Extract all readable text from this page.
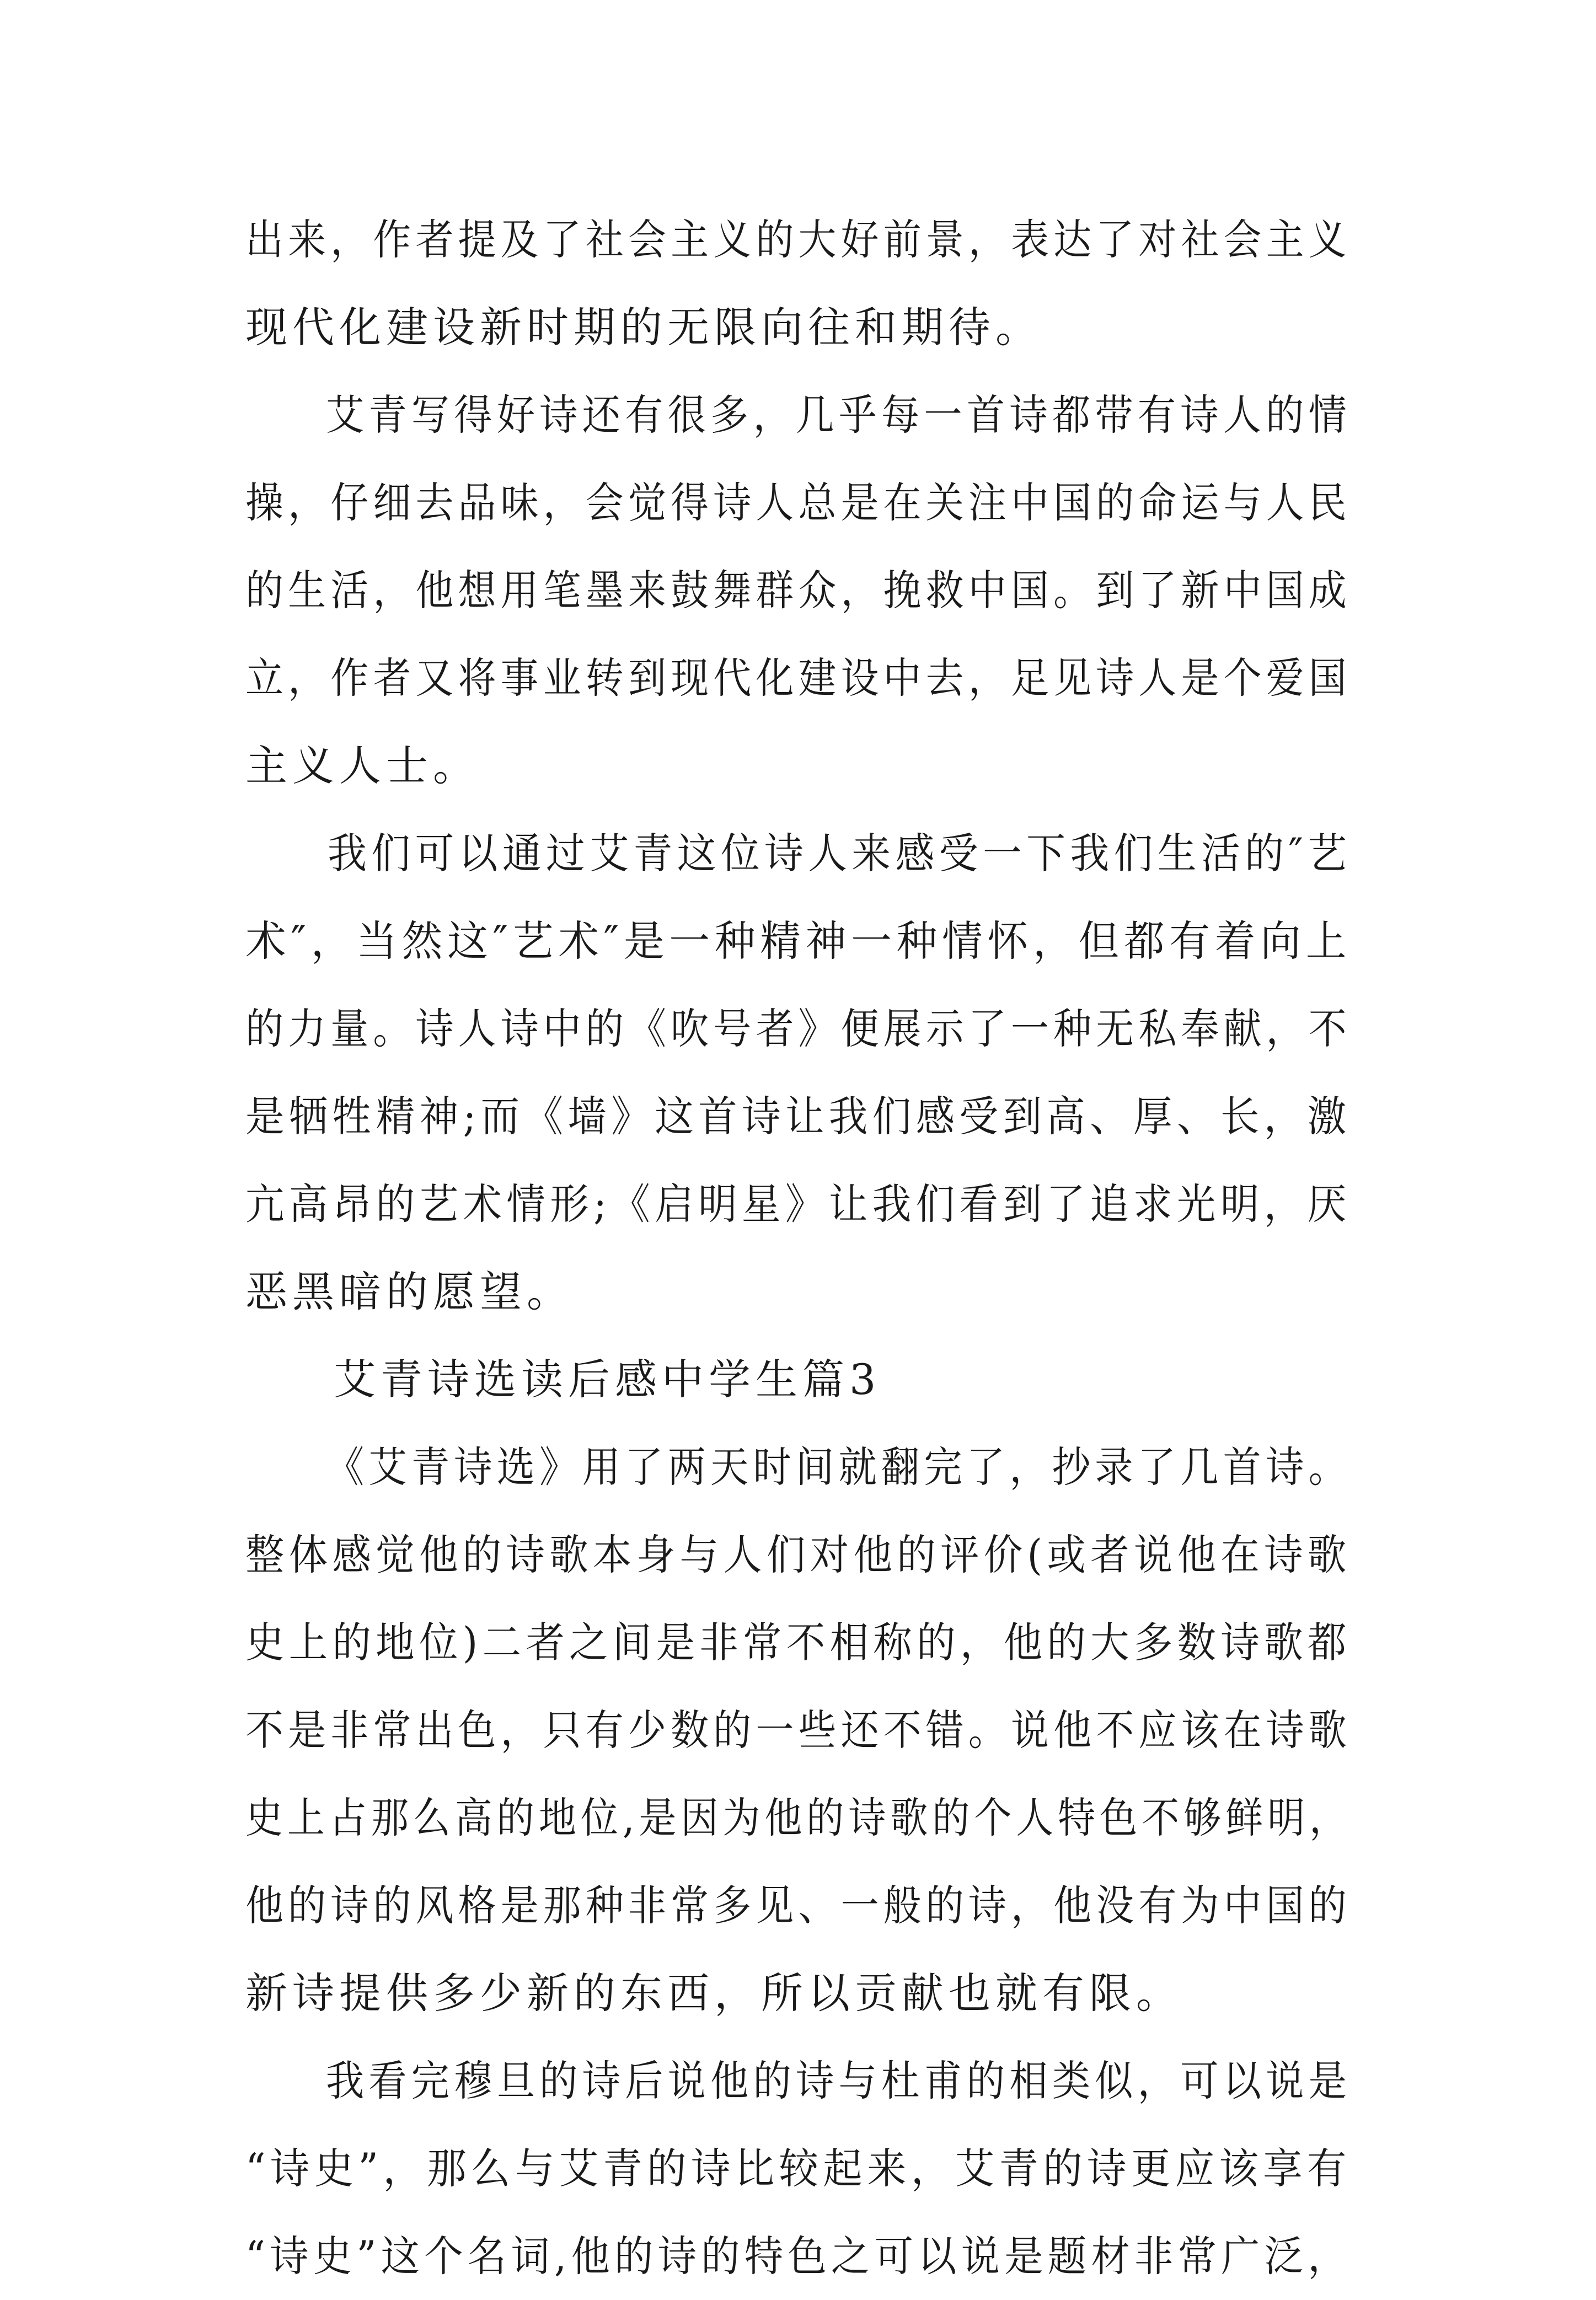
出来，作者提及了社会主义的大好前景，表达了对社会主义
现代化建设新时期的无限向往和期待。
艾青写得好诗还有很多，几乎每一首诗都带有诗人的情
操，仔细去品味，会觉得诗人总是在关注中国的命运与人民
的生活，他想用笔墨来鼓舞群众，挽救中国。到了新中国成
立，作者又将事业转到现代化建设中去，足见诗人是个爱国
主义人士。
我们可以通过艾青这位诗人来感受一下我们生活的″艺
术″，当然这″艺术″是一种精神一种情怀，但都有着向上
的力量。诗人诗中的《吹号者》便展示了一种无私奉献，不
是牺牲精神;而《墙》这首诗让我们感受到高、厚、长，激
亢高昂的艺术情形;《启明星》让我们看到了追求光明，厌
恶黑暗的愿望。
艾青诗选读后感中学生篇3
《艾青诗选》用了两天时间就翻完了，抄录了几首诗。
整体感觉他的诗歌本身与人们对他的评价(或者说他在诗歌
史上的地位)二者之间是非常不相称的，他的大多数诗歌都
不是非常出色，只有少数的一些还不错。说他不应该在诗歌
史上占那么高的地位,是因为他的诗歌的个人特色不够鲜明，
他的诗的风格是那种非常多见、一般的诗，他没有为中国的
新诗提供多少新的东西，所以贡献也就有限。
我看完穆旦的诗后说他的诗与杜甫的相类似，可以说是
“诗史”，那么与艾青的诗比较起来，艾青的诗更应该享有
“诗史”这个名词,他的诗的特色之可以说是题材非常广泛，
